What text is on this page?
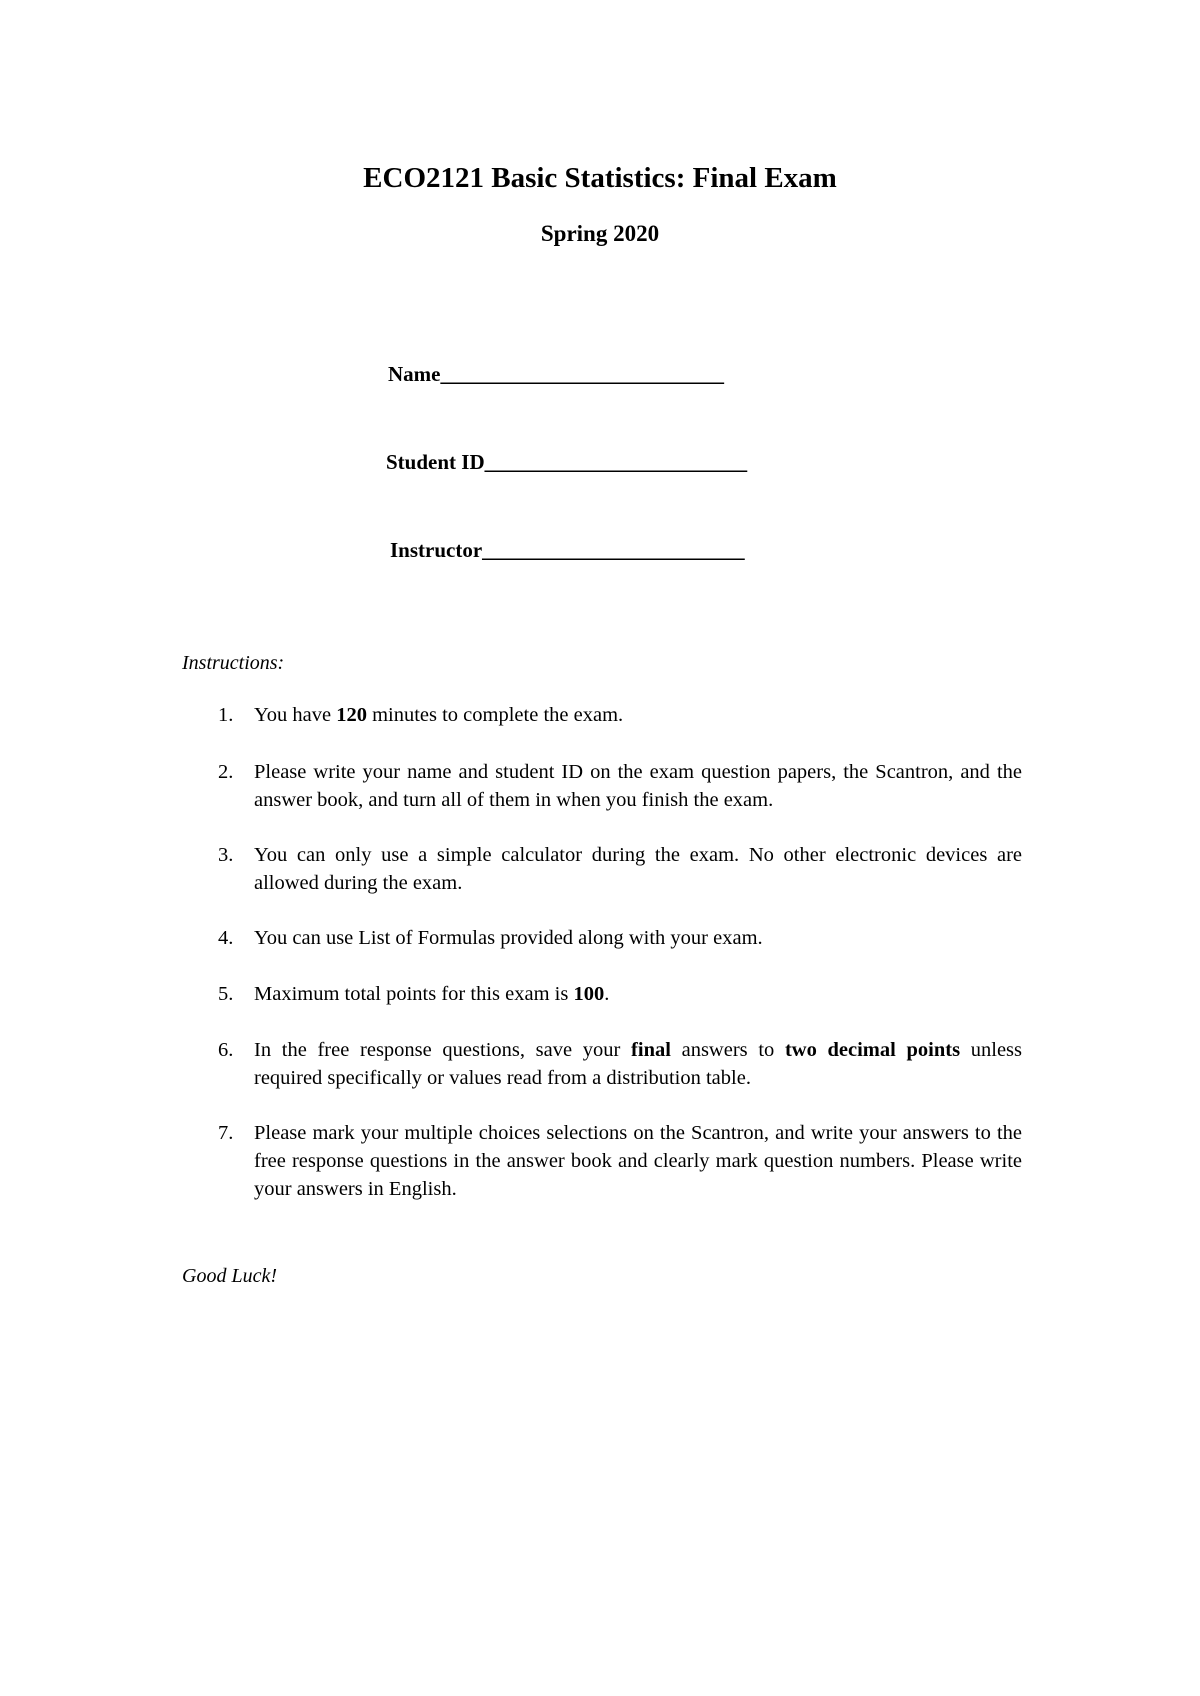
ECO2121 Basic Statistics: Final Exam
Spring 2020
Name___________________________
Student ID_________________________
Instructor_________________________
Instructions:
1. You have 120 minutes to complete the exam.
2. Please write your name and student ID on the exam question papers, the Scantron, and the answer book, and turn all of them in when you finish the exam.
3. You can only use a simple calculator during the exam. No other electronic devices are allowed during the exam.
4. You can use List of Formulas provided along with your exam.
5. Maximum total points for this exam is 100.
6. In the free response questions, save your final answers to two decimal points unless required specifically or values read from a distribution table.
7. Please mark your multiple choices selections on the Scantron, and write your answers to the free response questions in the answer book and clearly mark question numbers. Please write your answers in English.
Good Luck!
